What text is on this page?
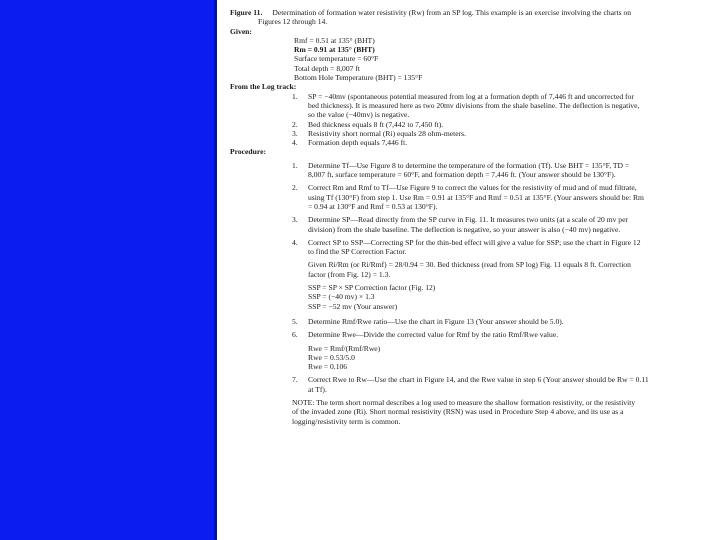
Figure 11. Determination of formation water resistivity (Rw) from an SP log. This example is an exercise involving the charts on

Figures 12 through 14.

Given:

Rmf = 0.51 at 135° (BHT)

Rm = 0.91 at 135° (BHT)

Surface temperature = 60°F

Total depth = 8,007 ft

Bottom Hole Temperature (BHT) = 135°F

From the Log track:

1. SP = −40mv (spontaneous potential measured from log at a formation depth of 7,446 ft and uncorrected for

bed thickness). It is measured here as two 20mv divisions from the shale baseline. The deflection is negative,

so the value (−40mv) is negative.

2. Bed thickness equals 8 ft (7,442 to 7,450 ft).

3. Resistivity short normal (Ri) equals 28 ohm-meters.

4. Formation depth equals 7,446 ft.

Procedure:

1. Determine Tf—Use Figure 8 to determine the temperature of the formation (Tf). Use BHT = 135°F, TD =

8,007 ft, surface temperature = 60°F, and formation depth = 7,446 ft. (Your answer should be 130°F).

2. Correct Rm and Rmf to Tf—Use Figure 9 to correct the values for the resistivity of mud and of mud filtrate,

using Tf (130°F) from step 1. Use Rm = 0.91 at 135°F and Rmf = 0.51 at 135°F. (Your answers should be: Rm

= 0.94 at 130°F and Rmf = 0.53 at 130°F).

3. Determine SP—Read directly from the SP curve in Fig. 11. It measures two units (at a scale of 20 mv per

division) from the shale baseline. The deflection is negative, so your answer is also (−40 mv) negative.

4. Correct SP to SSP—Correcting SP for the thin-bed effect will give a value for SSP; use the chart in Figure 12

to find the SP Correction Factor.

Given Ri/Rm (or Ri/Rmf) = 28/0.94 = 30. Bed thickness (read from SP log) Fig. 11 equals 8 ft. Correction

factor (from Fig. 12) = 1.3.

SSP = SP × SP Correction factor (Fig. 12)

SSP = (−40 mv) × 1.3

SSP = −52 mv (Your answer)

5. Determine Rmf/Rwe ratio—Use the chart in Figure 13 (Your answer should be 5.0).

6. Determine Rwe—Divide the corrected value for Rmf by the ratio Rmf/Rwe value.

Rwe = Rmf/(Rmf/Rwe)

Rwe = 0.53/5.0

Rwe = 0.106

7. Correct Rwe to Rw—Use the chart in Figure 14, and the Rwe value in step 6 (Your answer should be Rw = 0.11

at Tf).

NOTE: The term short normal describes a log used to measure the shallow formation resistivity, or the resistivity

of the invaded zone (Ri). Short normal resistivity (RSN) was used in Procedure Step 4 above, and its use as a

logging/resistivity term is common.
